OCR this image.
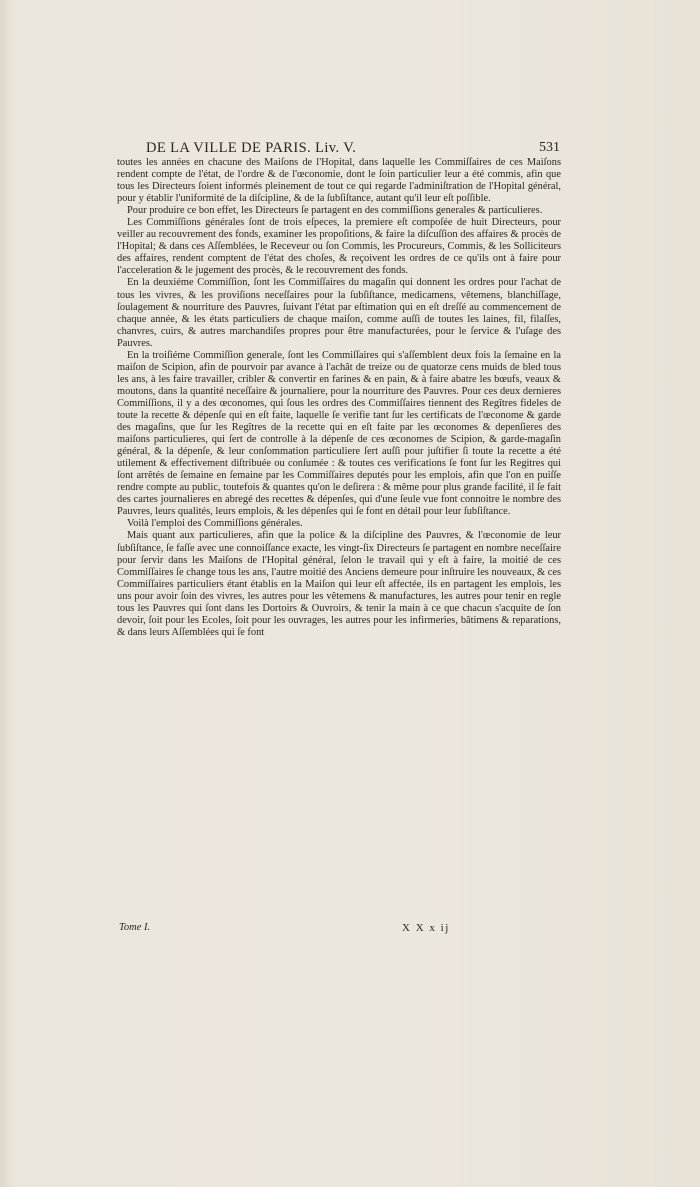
DE LA VILLE DE PARIS. Liv. V.	531

toutes les années en chacune des Maiſons de l'Hopital, dans laquelle les Commiſſaires de ces Maiſons rendent compte de l'état, de l'ordre & de l'œconomie, dont le ſoin particulier leur a été commis, afin que tous les Directeurs ſoient informés pleinement de tout ce qui regarde l'adminiſtration de l'Hopital général, pour y établir l'uniformité de la diſcipline, & de la ſubſiſtance, autant qu'il leur eſt poſſible.

Pour produire ce bon effet, les Directeurs ſe partagent en des commiſſions generales & particulieres.

Les Commiſſions générales ſont de trois eſpeces, la premiere eſt compoſée de huit Directeurs, pour veiller au recouvrement des fonds, examiner les propoſitions, & faire la diſcuſſion des affaires & procès de l'Hopital; & dans ces Aſſemblées, le Receveur ou ſon Commis, les Procureurs, Commis, & les Solliciteurs des affaires, rendent comptent de l'état des choſes, & reçoivent les ordres de ce qu'ils ont à faire pour l'acceleration & le jugement des procès, & le recouvrement des fonds.

En la deuxiéme Commiſſion, ſont les Commiſſaires du magaſin qui donnent les ordres pour l'achat de tous les vivres, & les proviſions neceſſaires pour la ſubſiſtance, medicamens, vêtemens, blanchiſſage, ſoulagement & nourriture des Pauvres, ſuivant l'état par eſtimation qui en eſt dreſſé au commencement de chaque année, & les états particuliers de chaque maiſon, comme auſſi de toutes les laines, fil, filaſſes, chanvres, cuirs, & autres marchandiſes propres pour être manufacturées, pour le ſervice & l'uſage des Pauvres.

En la troiſiéme Commiſſion generale, ſont les Commiſſaires qui s'aſſemblent deux fois la ſemaine en la maiſon de Scipion, afin de pourvoir par avance à l'achât de treize ou de quatorze cens muids de bled tous les ans, à les faire travailler, cribler & convertir en farines & en pain, & à faire abatre les bœufs, veaux & moutons, dans la quantité neceſſaire & journaliere, pour la nourriture des Pauvres. Pour ces deux dernieres Commiſſions, il y a des œconomes, qui ſous les ordres des Commiſſaires tiennent des Regîtres fideles de toute la recette & dépenſe qui en eſt faite, laquelle ſe verifie tant ſur les certificats de l'œconome & garde des magaſins, que ſur les Regîtres de la recette qui en eſt faite par les œconomes & depenſieres des maiſons particulieres, qui ſert de controlle à la dépenſe de ces œconomes de Scipion, & garde-magaſin général, & la dépenſe, & leur conſommation particuliere ſert auſſi pour juſtifier ſi toute la recette a été utilement & effectivement diſtribuée ou conſumée : & toutes ces verifications ſe font ſur les Regitres qui ſont arrêtés de ſemaine en ſemaine par les Commiſſaires deputés pour les emplois, afin que l'on en puiſſe rendre compte au public, toutefois & quantes qu'on le deſirera : & même pour plus grande facilité, il ſe fait des cartes journalieres en abregé des recettes & dépenſes, qui d'une ſeule vue font connoitre le nombre des Pauvres, leurs qualités, leurs emplois, & les dépenſes qui ſe font en détail pour leur ſubſiſtance.

Voilà l'emploi des Commiſſions générales.

Mais quant aux particulieres, afin que la police & la diſcipline des Pauvres, & l'œconomie de leur ſubſiſtance, ſe faſſe avec une connoiſſance exacte, les vingt-ſix Directeurs ſe partagent en nombre neceſſaire pour ſervir dans les Maiſons de l'Hopital général, ſelon le travail qui y eſt à faire, la moitié de ces Commiſſaires ſe change tous les ans, l'autre moitié des Anciens demeure pour inſtruire les nouveaux, & ces Commiſſaires particuliers étant établis en la Maiſon qui leur eſt affectée, ils en partagent les emplois, les uns pour avoir ſoin des vivres, les autres pour les vêtemens & manufactures, les autres pour tenir en regle tous les Pauvres qui ſont dans les Dortoirs & Ouvroirs, & tenir la main à ce que chacun s'acquite de ſon devoir, ſoit pour les Ecoles, ſoit pour les ouvrages, les autres pour les infirmeries, bâtimens & reparations, & dans leurs Aſſemblées qui ſe font

Tome I.	X X x ij
